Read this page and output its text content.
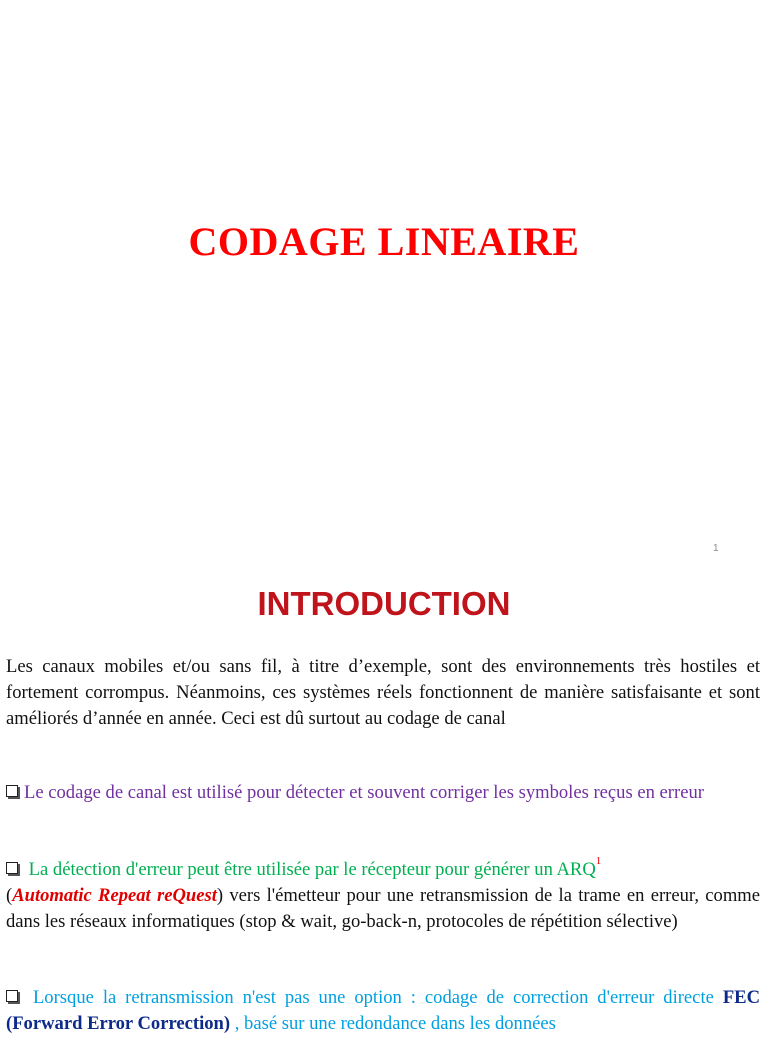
CODAGE LINEAIRE
1
INTRODUCTION
Les canaux mobiles et/ou sans fil, à titre d’exemple, sont des environnements très hostiles et fortement corrompus. Néanmoins, ces systèmes réels fonctionnent de manière satisfaisante et sont améliorés d’année en année. Ceci est dû surtout au codage de canal
Le codage de canal est utilisé pour détecter et souvent corriger les symboles reçus en erreur
La détection d'erreur peut être utilisée par le récepteur pour générer un ARQ$^1$
(Automatic Repeat reQuest) vers l'émetteur pour une retransmission de la trame en erreur, comme dans les réseaux informatiques (stop & wait, go-back-n, protocoles de répétition sélective)
Lorsque la retransmission n'est pas une option : codage de correction d'erreur directe FEC (Forward Error Correction) , basé sur une redondance dans les données
